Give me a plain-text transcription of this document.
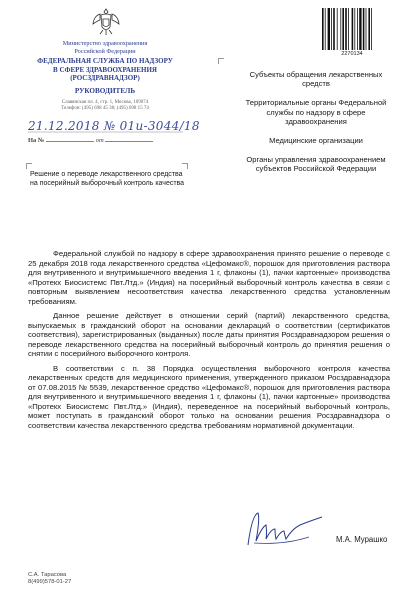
Министерство здравоохранения
Российской Федерации
ФЕДЕРАЛЬНАЯ СЛУЖБА ПО НАДЗОРУ
В СФЕРЕ ЗДРАВООХРАНЕНИЯ
(РОСЗДРАВНАДЗОР)
РУКОВОДИТЕЛЬ
Славянская пл. 4, стр. 1, Москва, 109074
Телефон: (495) 698 45 38; (495) 698 15 74
21.12.2018 № 01и-3044/18
На №	от
Решение о переводе лекарственного средства на посерийный выборочный контроль качества
2270134
Субъекты обращения лекарственных средств
Территориальные органы Федеральной службы по надзору в сфере здравоохранения
Медицинские организации
Органы управления здравоохранением субъектов Российской Федерации

Федеральной службой по надзору в сфере здравоохранения принято решение о переводе с 25 декабря 2018 года лекарственного средства «Цефомакс®, порошок для приготовления раствора для внутривенного и внутримышечного введения 1 г, флаконы (1), пачки картонные» производства «Протекх Биосистемс Пвт.Лтд.» (Индия) на посерийный выборочный контроль качества в связи с повторным выявлением несоответствия качества лекарственного средства установленным требованиям.

Данное решение действует в отношении серий (партий) лекарственного средства, выпускаемых в гражданский оборот на основании деклараций о соответствии (сертификатов соответствия), зарегистрированных (выданных) после даты принятия Росздравнадзором решения о переводе лекарственного средства на посерийный выборочный контроль до принятия решения о снятии с посерийного выборочного контроля.

В соответствии с п. 38 Порядка осуществления выборочного контроля качества лекарственных средств для медицинского применения, утвержденного приказом Росздравнадзора от 07.08.2015 № 5539, лекарственное средство «Цефомакс®, порошок для приготовления раствора для внутривенного и внутримышечного введения 1 г, флаконы (1), пачки картонные» производства «Протекх Биосистемс Пвт.Лтд.» (Индия), переведенное на посерийный выборочный контроль, может поступать в гражданский оборот только на основании решения Росздравнадзора о соответствии качества лекарственного средства требованиям нормативной документации.

М.А. Мурашко
С.А. Тарасова
8(499)578-01-27
